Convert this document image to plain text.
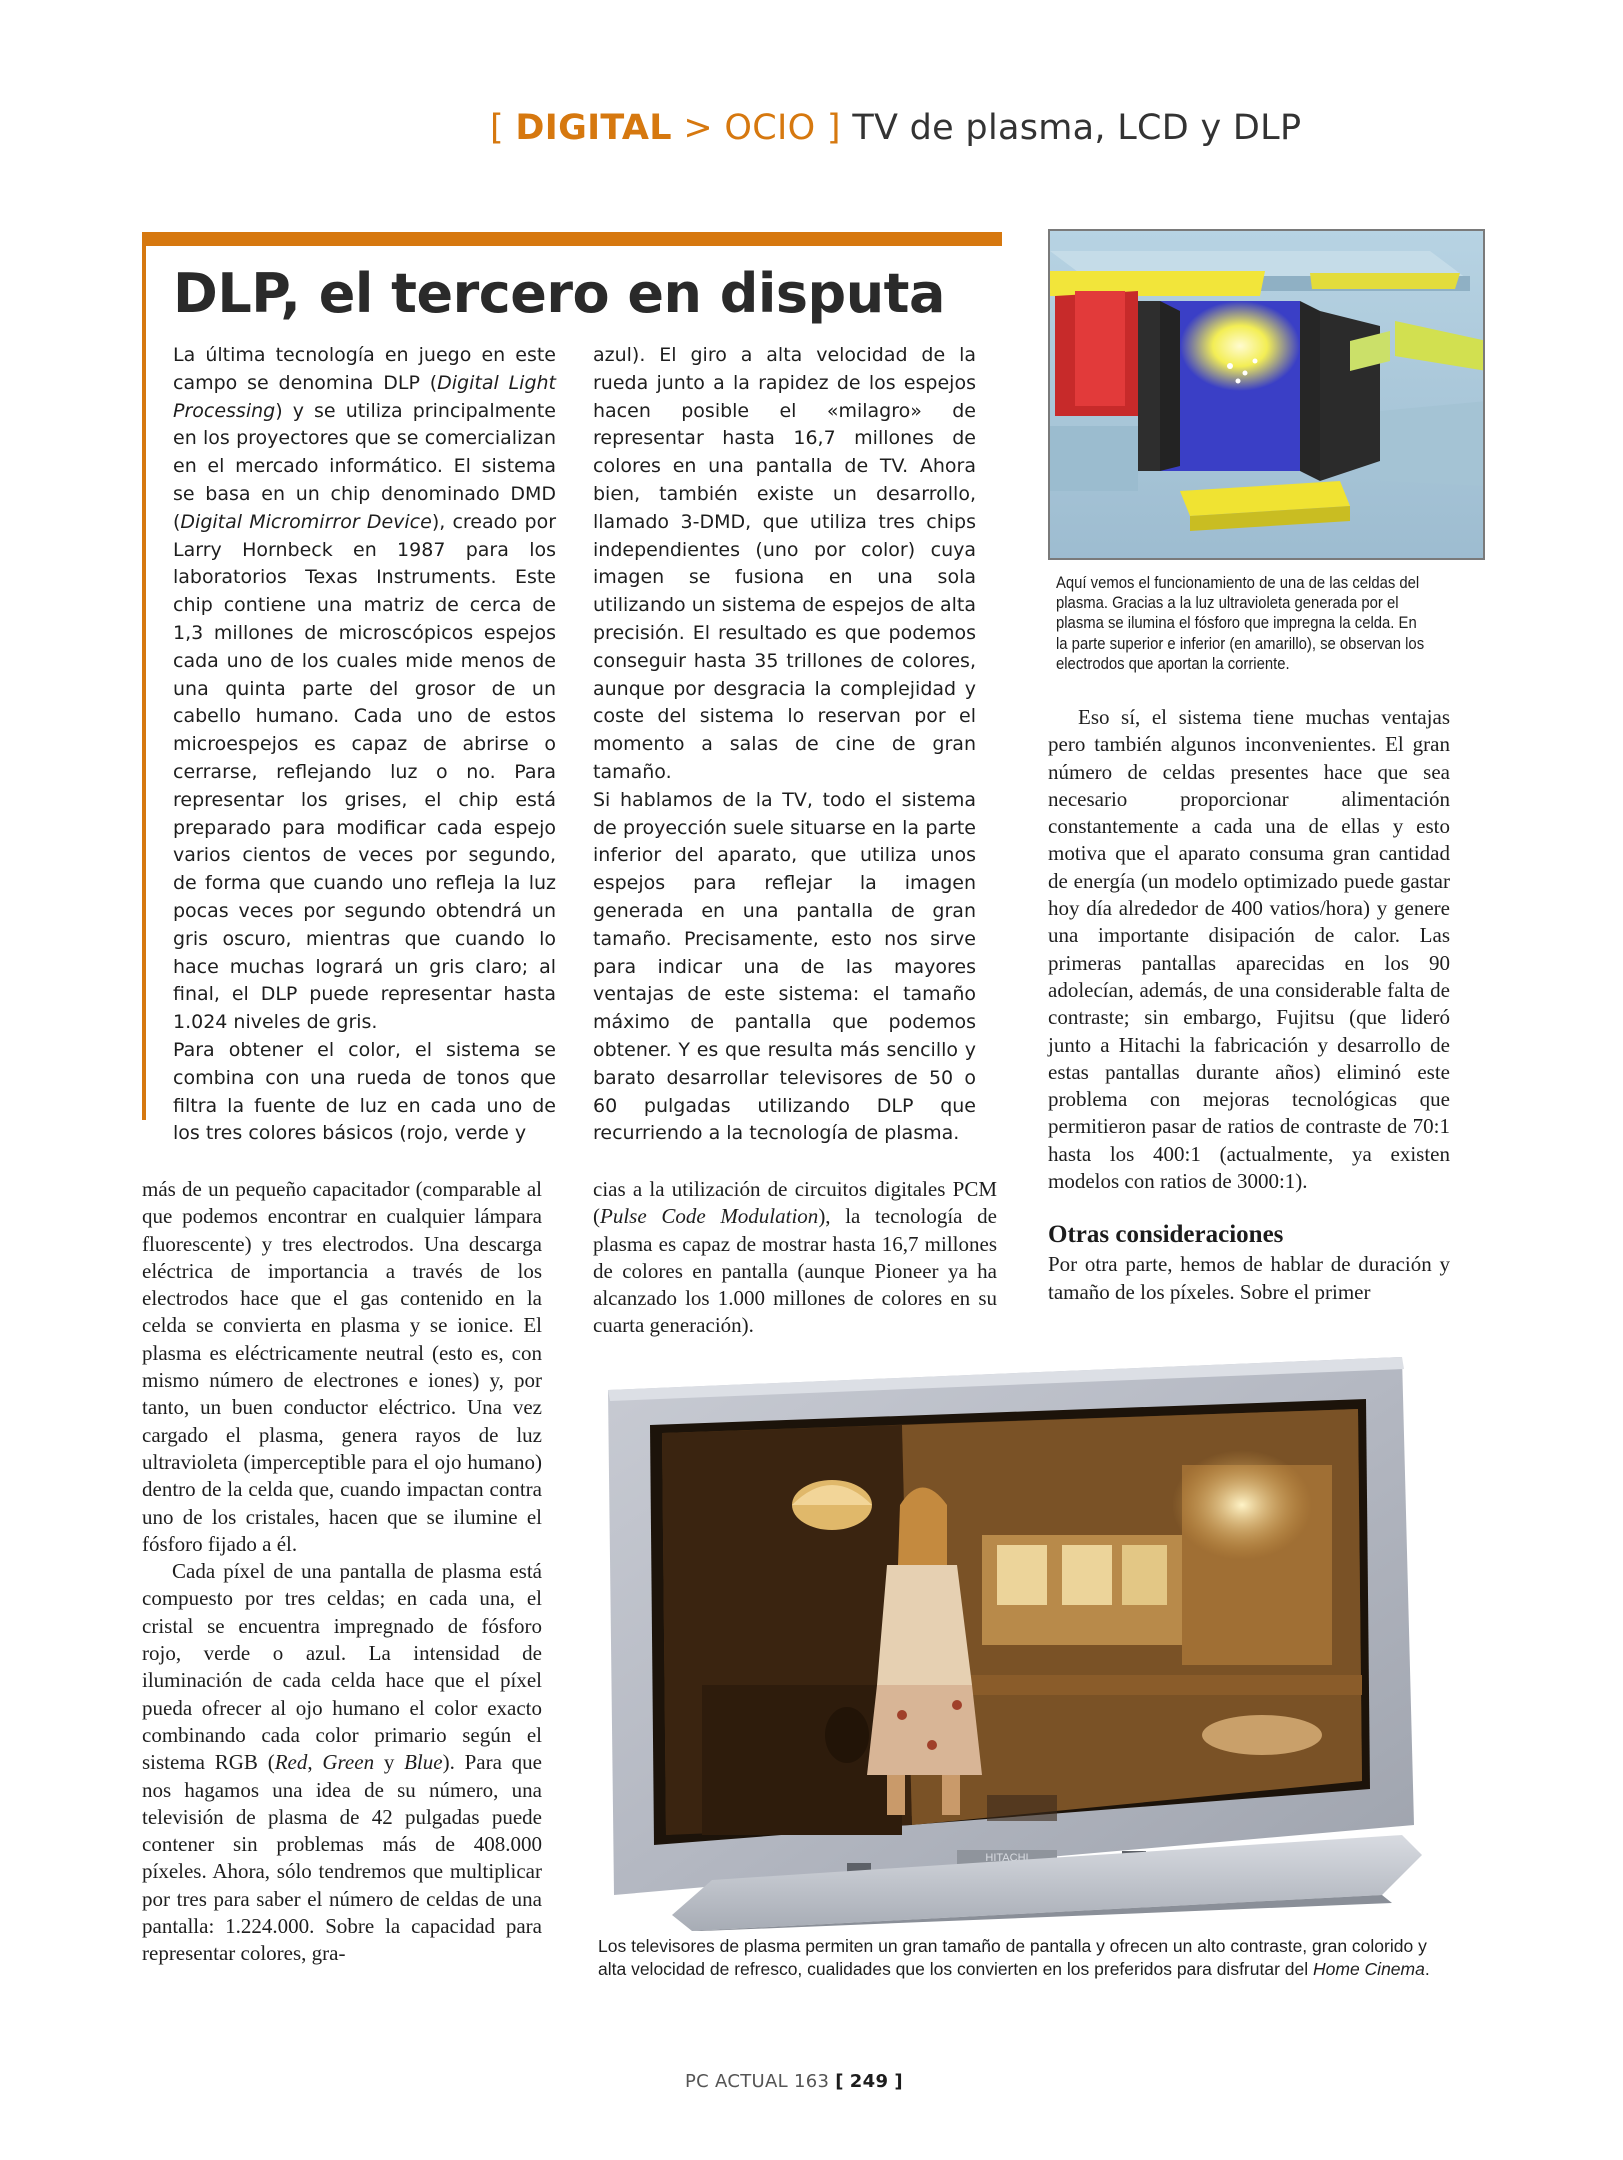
[ DIGITAL > OCIO ] TV de plasma, LCD y DLP
DLP, el tercero en disputa

La última tecnología en juego en este campo se denomina DLP (Digital Light Processing) y se utiliza principalmente en los proyectores que se comercializan en el mercado informático. El sistema se basa en un chip denominado DMD (Digital Micromirror Device), creado por Larry Hornbeck en 1987 para los laboratorios Texas Instruments. Este chip contiene una matriz de cerca de 1,3 millones de microscópicos espejos cada uno de los cuales mide menos de una quinta parte del grosor de un cabello humano. Cada uno de estos microespejos es capaz de abrirse o cerrarse, reflejando luz o no. Para representar los grises, el chip está preparado para modificar cada espejo varios cientos de veces por segundo, de forma que cuando uno refleja la luz pocas veces por segundo obtendrá un gris oscuro, mientras que cuando lo hace muchas logrará un gris claro; al final, el DLP puede representar hasta 1.024 niveles de gris.

Para obtener el color, el sistema se combina con una rueda de tonos que filtra la fuente de luz en cada uno de los tres colores básicos (rojo, verde y

azul). El giro a alta velocidad de la rueda junto a la rapidez de los espejos hacen posible el «milagro» de representar hasta 16,7 millones de colores en una pantalla de TV. Ahora bien, también existe un desarrollo, llamado 3-DMD, que utiliza tres chips independientes (uno por color) cuya imagen se fusiona en una sola utilizando un sistema de espejos de alta precisión. El resultado es que podemos conseguir hasta 35 trillones de colores, aunque por desgracia la complejidad y coste del sistema lo reservan por el momento a salas de cine de gran tamaño.

Si hablamos de la TV, todo el sistema de proyección suele situarse en la parte inferior del aparato, que utiliza unos espejos para reflejar la imagen generada en una pantalla de gran tamaño. Precisamente, esto nos sirve para indicar una de las mayores ventajas de este sistema: el tamaño máximo de pantalla que podemos obtener. Y es que resulta más sencillo y barato desarrollar televisores de 50 o 60 pulgadas utilizando DLP que recurriendo a la tecnología de plasma.

Aquí vemos el funcionamiento de una de las celdas del plasma. Gracias a la luz ultravioleta generada por el plasma se ilumina el fósforo que impregna la celda. En la parte superior e inferior (en amarillo), se observan los electrodos que aportan la corriente.

más de un pequeño capacitador (comparable al que podemos encontrar en cualquier lámpara fluorescente) y tres electrodos. Una descarga eléctrica de importancia a través de los electrodos hace que el gas contenido en la celda se convierta en plasma y se ionice. El plasma es eléctricamente neutral (esto es, con mismo número de electrones e iones) y, por tanto, un buen conductor eléctrico. Una vez cargado el plasma, genera rayos de luz ultravioleta (imperceptible para el ojo humano) dentro de la celda que, cuando impactan contra uno de los cristales, hacen que se ilumine el fósforo fijado a él.

Cada píxel de una pantalla de plasma está compuesto por tres celdas; en cada una, el cristal se encuentra impregnado de fósforo rojo, verde o azul. La intensidad de iluminación de cada celda hace que el píxel pueda ofrecer al ojo humano el color exacto combinando cada color primario según el sistema RGB (Red, Green y Blue). Para que nos hagamos una idea de su número, una televisión de plasma de 42 pulgadas puede contener sin problemas más de 408.000 píxeles. Ahora, sólo tendremos que multiplicar por tres para saber el número de celdas de una pantalla: 1.224.000. Sobre la capacidad para representar colores, gra-

cias a la utilización de circuitos digitales PCM (Pulse Code Modulation), la tecnología de plasma es capaz de mostrar hasta 16,7 millones de colores en pantalla (aunque Pioneer ya ha alcanzado los 1.000 millones de colores en su cuarta generación).

Eso sí, el sistema tiene muchas ventajas pero también algunos inconvenientes. El gran número de celdas presentes hace que sea necesario proporcionar alimentación constantemente a cada una de ellas y esto motiva que el aparato consuma gran cantidad de energía (un modelo optimizado puede gastar hoy día alrededor de 400 vatios/hora) y genere una importante disipación de calor. Las primeras pantallas aparecidas en los 90 adolecían, además, de una considerable falta de contraste; sin embargo, Fujitsu (que lideró junto a Hitachi la fabricación y desarrollo de estas pantallas durante años) eliminó este problema con mejoras tecnológicas que permitieron pasar de ratios de contraste de 70:1 hasta los 400:1 (actualmente, ya existen modelos con ratios de 3000:1).

Otras consideraciones

Por otra parte, hemos de hablar de duración y tamaño de los píxeles. Sobre el primer

HITACHI
Los televisores de plasma permiten un gran tamaño de pantalla y ofrecen un alto contraste, gran colorido y alta velocidad de refresco, cualidades que los convierten en los preferidos para disfrutar del Home Cinema.
PC ACTUAL 163 [ 249 ]
